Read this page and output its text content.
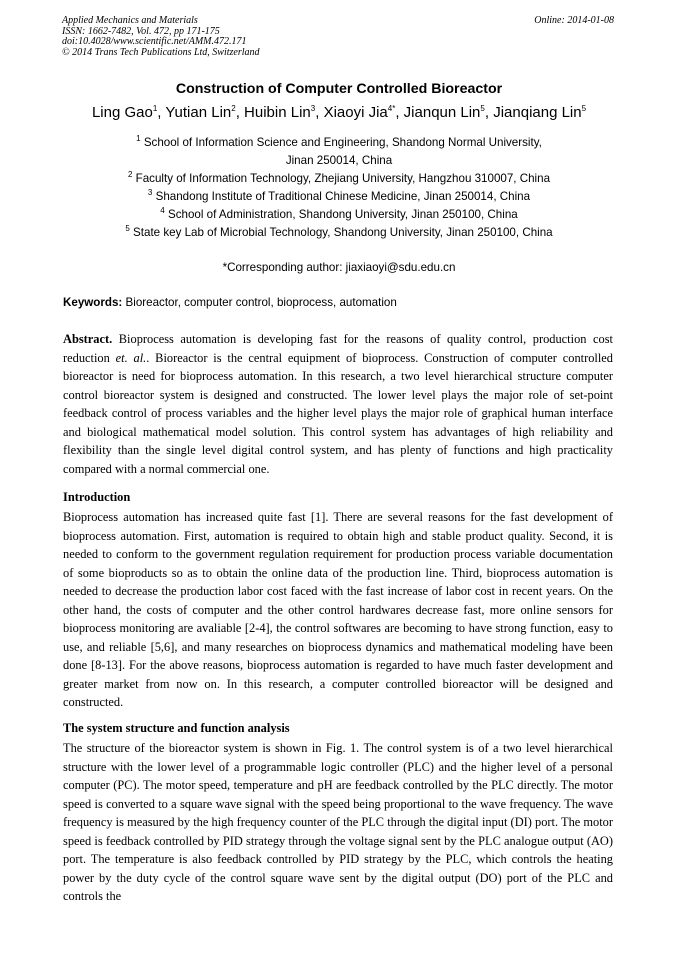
Applied Mechanics and Materials
ISSN: 1662-7482, Vol. 472, pp 171-175
doi:10.4028/www.scientific.net/AMM.472.171
© 2014 Trans Tech Publications Ltd, Switzerland
Online: 2014-01-08
Construction of Computer Controlled Bioreactor
Ling Gao$^1$, Yutian Lin$^2$, Huibin Lin$^3$, Xiaoyi Jia$^{4*}$, Jianqun Lin$^5$, Jianqiang Lin$^5$
$^1$ School of Information Science and Engineering, Shandong Normal University,
Jinan 250014, China
$^2$ Faculty of Information Technology, Zhejiang University, Hangzhou 310007, China
$^3$ Shandong Institute of Traditional Chinese Medicine, Jinan 250014, China
$^4$ School of Administration, Shandong University, Jinan 250100, China
$^5$ State key Lab of Microbial Technology, Shandong University, Jinan 250100, China
*Corresponding author: jiaxiaoyi@sdu.edu.cn
Keywords: Bioreactor, computer control, bioprocess, automation
Abstract. Bioprocess automation is developing fast for the reasons of quality control, production cost reduction et. al.. Bioreactor is the central equipment of bioprocess. Construction of computer controlled bioreactor is need for bioprocess automation. In this research, a two level hierarchical structure computer control bioreactor system is designed and constructed. The lower level plays the major role of set-point feedback control of process variables and the higher level plays the major role of graphical human interface and biological mathematical model solution. This control system has advantages of high reliability and flexibility than the single level digital control system, and has plenty of functions and high practicality compared with a normal commercial one.
Introduction
Bioprocess automation has increased quite fast [1]. There are several reasons for the fast development of bioprocess automation. First, automation is required to obtain high and stable product quality. Second, it is needed to conform to the government regulation requirement for production process variable documentation of some bioproducts so as to obtain the online data of the production line. Third, bioprocess automation is needed to decrease the production labor cost faced with the fast increase of labor cost in recent years. On the other hand, the costs of computer and the other control hardwares decrease fast, more online sensors for bioprocess monitoring are avaliable [2-4], the control softwares are becoming to have strong function, easy to use, and reliable [5,6], and many researches on bioprocess dynamics and mathematical modeling have been done [8-13]. For the above reasons, bioprocess automation is regarded to have much faster development and greater market from now on. In this research, a computer controlled bioreactor will be designed and constructed.
The system structure and function analysis
The structure of the bioreactor system is shown in Fig. 1. The control system is of a two level hierarchical structure with the lower level of a programmable logic controller (PLC) and the higher level of a personal computer (PC). The motor speed, temperature and pH are feedback controlled by the PLC directly. The motor speed is converted to a square wave signal with the speed being proportional to the wave frequency. The wave frequency is measured by the high frequency counter of the PLC through the digital input (DI) port. The motor speed is feedback controlled by PID strategy through the voltage signal sent by the PLC analogue output (AO) port. The temperature is also feedback controlled by PID strategy by the PLC, which controls the heating power by the duty cycle of the control square wave sent by the digital output (DO) port of the PLC and controls the
